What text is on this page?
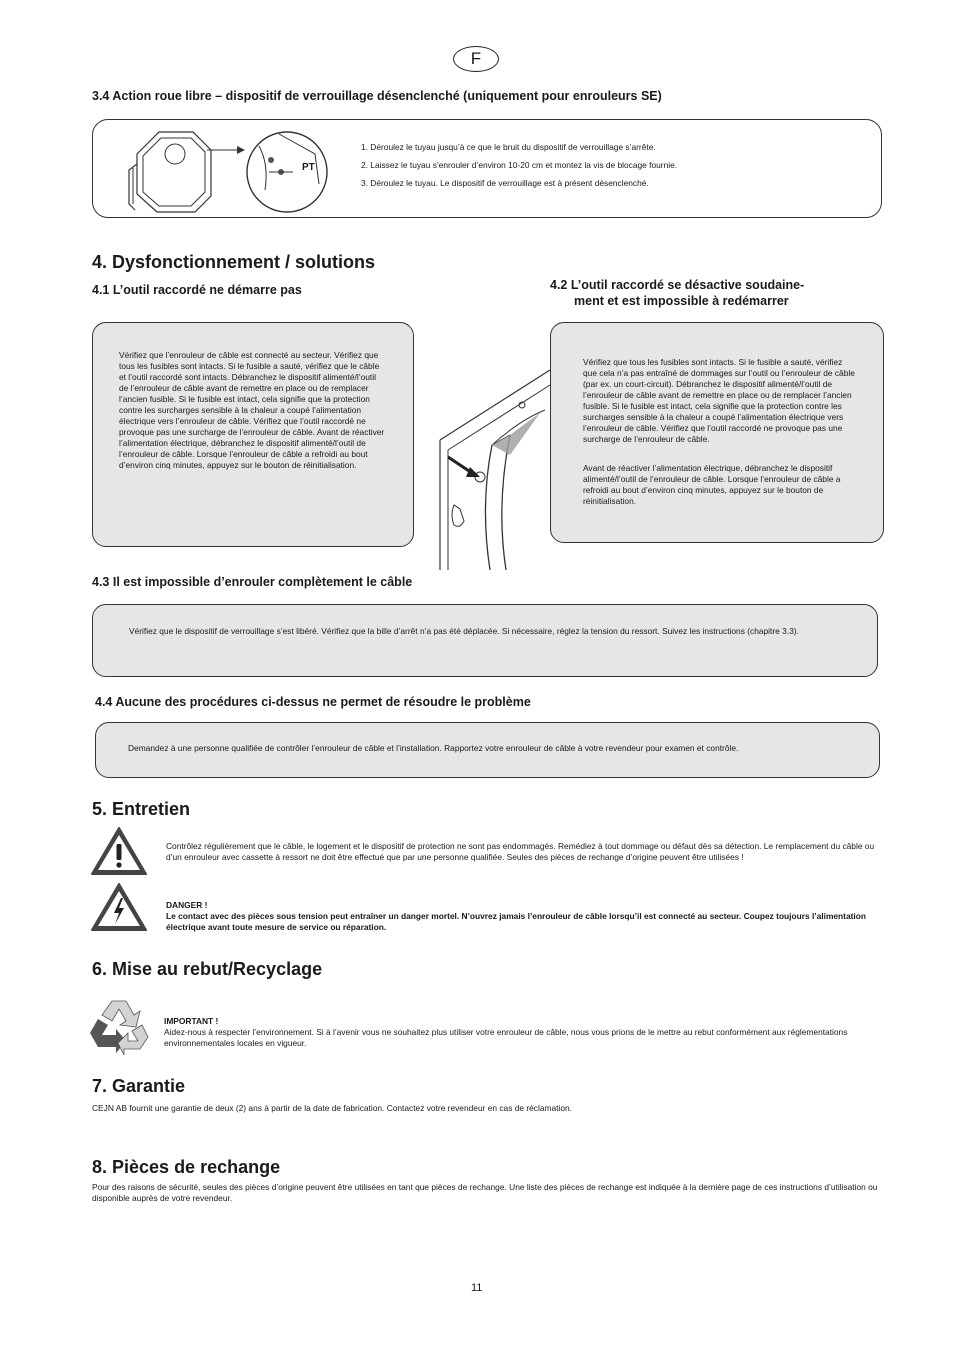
F
3.4 Action roue libre – dispositif de verrouillage désenclenché (uniquement pour enrouleurs SE)
PT
1. Déroulez le tuyau jusqu’à ce que le bruit du dispositif de verrouillage s’arrête.
2. Laissez le tuyau s’enrouler d’environ 10-20 cm et montez la vis de blocage fournie.
3. Déroulez le tuyau. Le dispositif de verrouillage est à présent désenclenché.
4. Dysfonctionnement / solutions
4.1 L’outil raccordé ne démarre pas	4.2 L’outil raccordé se désactive soudaine-
ment et est impossible à redémarrer

Vérifiez que l’enrouleur de câble est connecté au secteur. Vérifiez que tous les fusibles sont intacts. Si le fusible a sauté, vérifiez que le câble et l’outil raccordé sont intacts. Débranchez le dispositif alimenté/l’outil de l’enrouleur de câble avant de remettre en place ou de remplacer l’ancien fusible. Si le fusible est intact, cela signifie que la protection contre les surcharges sensible à la chaleur a coupé l’alimentation électrique vers l’enrouleur de câble. Vérifiez que l’outil raccordé ne provoque pas une surcharge de l’enrouleur de câble. Avant de réactiver l’alimentation électrique, débranchez le dispositif alimenté/l’outil de l’enrouleur de câble. Lorsque l’enrouleur de câble a refroidi au bout d’environ cinq minutes, appuyez sur le bouton de réinitialisation.

Vérifiez que tous les fusibles sont intacts. Si le fusible a sauté, vérifiez que cela n’a pas entraîné de dommages sur l’outil ou l’enrouleur de câble (par ex. un court-circuit). Débranchez le dispositif alimenté/l’outil de l’enrouleur de câble avant de remettre en place ou de remplacer l’ancien fusible. Si le fusible est intact, cela signifie que la protection contre les surcharges sensible à la chaleur a coupé l’alimentation électrique vers l’enrouleur de câble. Vérifiez que l’outil raccordé ne provoque pas une surcharge de l’enrouleur de câble.

Avant de réactiver l’alimentation électrique, débranchez le dispositif alimenté/l’outil de l’enrouleur de câble. Lorsque l’enrouleur de câble a refroidi au bout d’environ cinq minutes, appuyez sur le bouton de réinitialisation.

4.3 Il est impossible d’enrouler complètement le câble

Vérifiez que le dispositif de verrouillage s’est libéré. Vérifiez que la bille d’arrêt n’a pas été déplacée. Si nécessaire, réglez la tension du ressort. Suivez les instructions (chapitre 3.3).

4.4 Aucune des procédures ci-dessus ne permet de résoudre le problème

Demandez à une personne qualifiée de contrôler l’enrouleur de câble et l’installation. Rapportez votre enrouleur de câble à votre revendeur pour examen et contrôle.

5. Entretien

Contrôlez régulièrement que le câble, le logement et le dispositif de protection ne sont pas endommagés. Remédiez à tout dommage ou défaut dès sa détection. Le remplacement du câble ou d’un enrouleur avec cassette à ressort ne doit être effectué que par une personne qualifiée. Seules des pièces de rechange d’origine peuvent être utilisées !

DANGER !

Le contact avec des pièces sous tension peut entraîner un danger mortel. N’ouvrez jamais l’enrouleur de câble lorsqu’il est connecté au secteur. Coupez toujours l’alimentation électrique avant toute mesure de service ou réparation.

6. Mise au rebut/Recyclage
IMPORTANT !

Aidez-nous à respecter l’environnement. Si à l’avenir vous ne souhaitez plus utiliser votre enrouleur de câble, nous vous prions de le mettre au rebut conformément aux réglementations environnementales locales en vigueur.

7. Garantie

CEJN AB fournit une garantie de deux (2) ans à partir de la date de fabrication. Contactez votre revendeur en cas de réclamation.

8. Pièces de rechange

Pour des raisons de sécurité, seules des pièces d’origine peuvent être utilisées en tant que pièces de rechange. Une liste des pièces de rechange est indiquée à la dernière page de ces instructions d’utilisation ou disponible auprès de votre revendeur.

11
